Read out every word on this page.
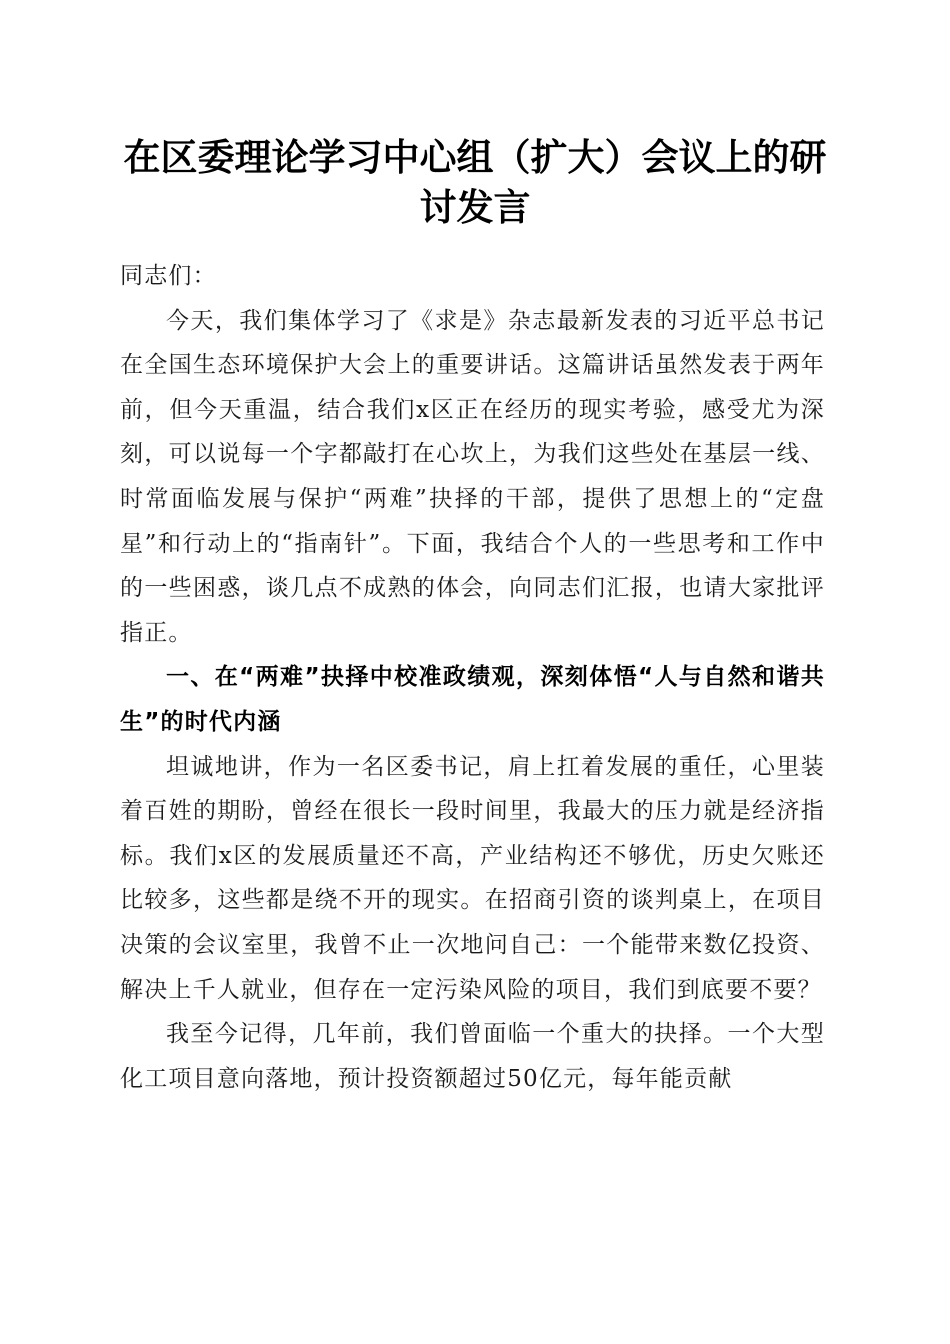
在区委理论学习中心组（扩大）会议上的研讨发言

同志们：

今天，我们集体学习了《求是》杂志最新发表的习近平总书记在全国生态环境保护大会上的重要讲话。这篇讲话虽然发表于两年前，但今天重温，结合我们x区正在经历的现实考验，感受尤为深刻，可以说每一个字都敲打在心坎上，为我们这些处在基层一线、时常面临发展与保护“两难”抉择的干部，提供了思想上的“定盘星”和行动上的“指南针”。下面，我结合个人的一些思考和工作中的一些困惑，谈几点不成熟的体会，向同志们汇报，也请大家批评指正。

一、在“两难”抉择中校准政绩观，深刻体悟“人与自然和谐共生”的时代内涵

坦诚地讲，作为一名区委书记，肩上扛着发展的重任，心里装着百姓的期盼，曾经在很长一段时间里，我最大的压力就是经济指标。我们x区的发展质量还不高，产业结构还不够优，历史欠账还比较多，这些都是绕不开的现实。在招商引资的谈判桌上，在项目决策的会议室里，我曾不止一次地问自己：一个能带来数亿投资、解决上千人就业，但存在一定污染风险的项目，我们到底要不要？

我至今记得，几年前，我们曾面临一个重大的抉择。一个大型化工项目意向落地，预计投资额超过50亿元，每年能贡献
